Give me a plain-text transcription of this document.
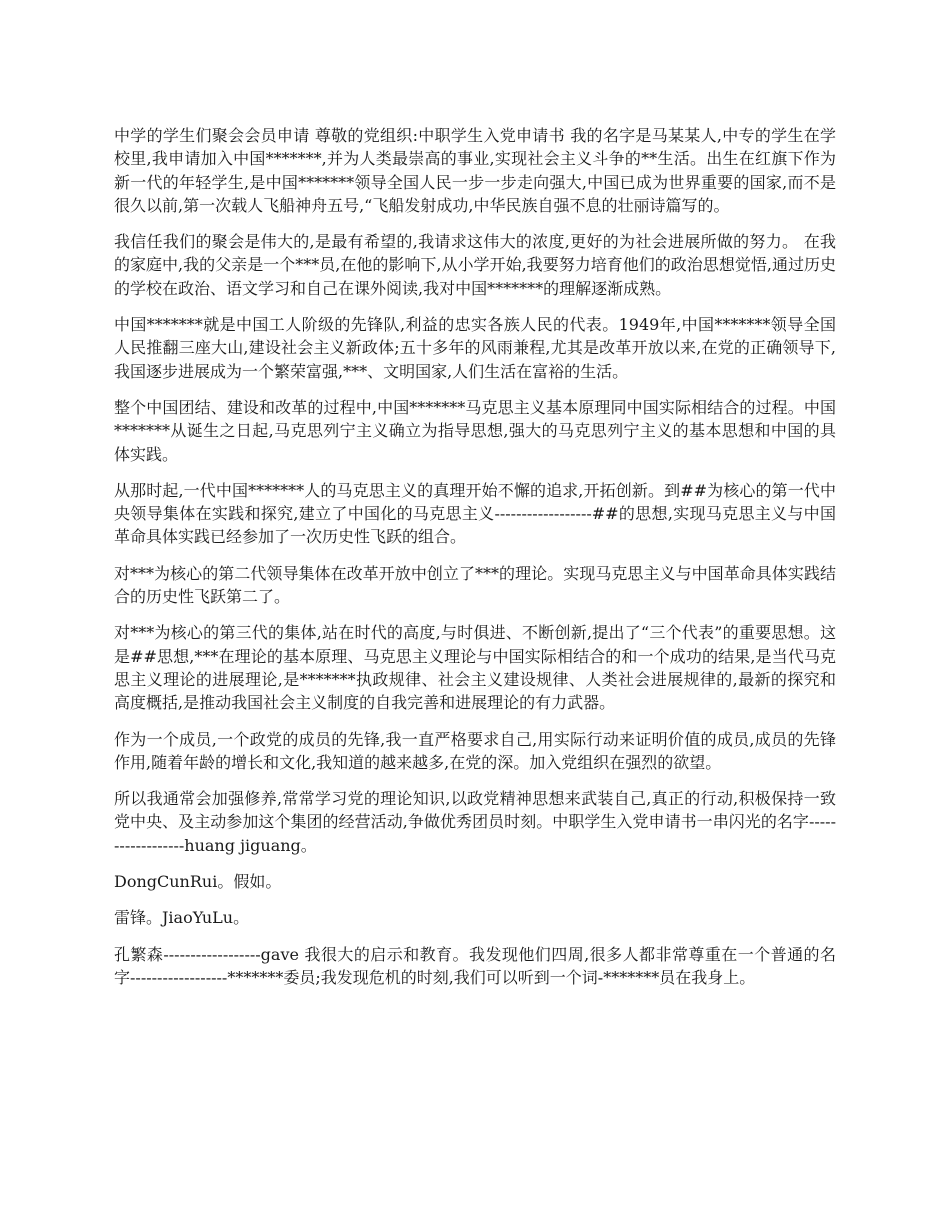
中学的学生们聚会会员申请 尊敬的党组织:中职学生入党申请书 我的名字是马某某人,中专的学生在学校里,我申请加入中国*******,并为人类最崇高的事业,实现社会主义斗争的**生活。出生在红旗下作为新一代的年轻学生,是中国*******领导全国人民一步一步走向强大,中国已成为世界重要的国家,而不是很久以前,第一次载人飞船神舟五号,“飞船发射成功,中华民族自强不息的壮丽诗篇写的。

我信任我们的聚会是伟大的,是最有希望的,我请求这伟大的浓度,更好的为社会进展所做的努力。 在我的家庭中,我的父亲是一个***员,在他的影响下,从小学开始,我要努力培育他们的政治思想觉悟,通过历史的学校在政治、语文学习和自己在课外阅读,我对中国*******的理解逐渐成熟。

中国*******就是中国工人阶级的先锋队,利益的忠实各族人民的代表。1949年,中国*******领导全国人民推翻三座大山,建设社会主义新政体;五十多年的风雨兼程,尤其是改革开放以来,在党的正确领导下,我国逐步进展成为一个繁荣富强,***、文明国家,人们生活在富裕的生活。

整个中国团结、建设和改革的过程中,中国*******马克思主义基本原理同中国实际相结合的过程。中国*******从诞生之日起,马克思列宁主义确立为指导思想,强大的马克思列宁主义的基本思想和中国的具体实践。

从那时起,一代中国*******人的马克思主义的真理开始不懈的追求,开拓创新。到##为核心的第一代中央领导集体在实践和探究,建立了中国化的马克思主义------------------##的思想,实现马克思主义与中国革命具体实践已经参加了一次历史性飞跃的组合。

对***为核心的第二代领导集体在改革开放中创立了***的理论。实现马克思主义与中国革命具体实践结合的历史性飞跃第二了。

对***为核心的第三代的集体,站在时代的高度,与时俱进、不断创新,提出了“三个代表”的重要思想。这是##思想,***在理论的基本原理、马克思主义理论与中国实际相结合的和一个成功的结果,是当代马克思主义理论的进展理论,是*******执政规律、社会主义建设规律、人类社会进展规律的,最新的探究和高度概括,是推动我国社会主义制度的自我完善和进展理论的有力武器。

作为一个成员,一个政党的成员的先锋,我一直严格要求自己,用实际行动来证明价值的成员,成员的先锋作用,随着年龄的增长和文化,我知道的越来越多,在党的深。加入党组织在强烈的欲望。

所以我通常会加强修养,常常学习党的理论知识,以政党精神思想来武装自己,真正的行动,积极保持一致党中央、及主动参加这个集团的经营活动,争做优秀团员时刻。中职学生入党申请书一串闪光的名字------------------huang jiguang。

DongCunRui。假如。

雷锋。JiaoYuLu。

孔繁森------------------gave 我很大的启示和教育。我发现他们四周,很多人都非常尊重在一个普通的名字------------------*******委员;我发现危机的时刻,我们可以听到一个词-*******员在我身上。
